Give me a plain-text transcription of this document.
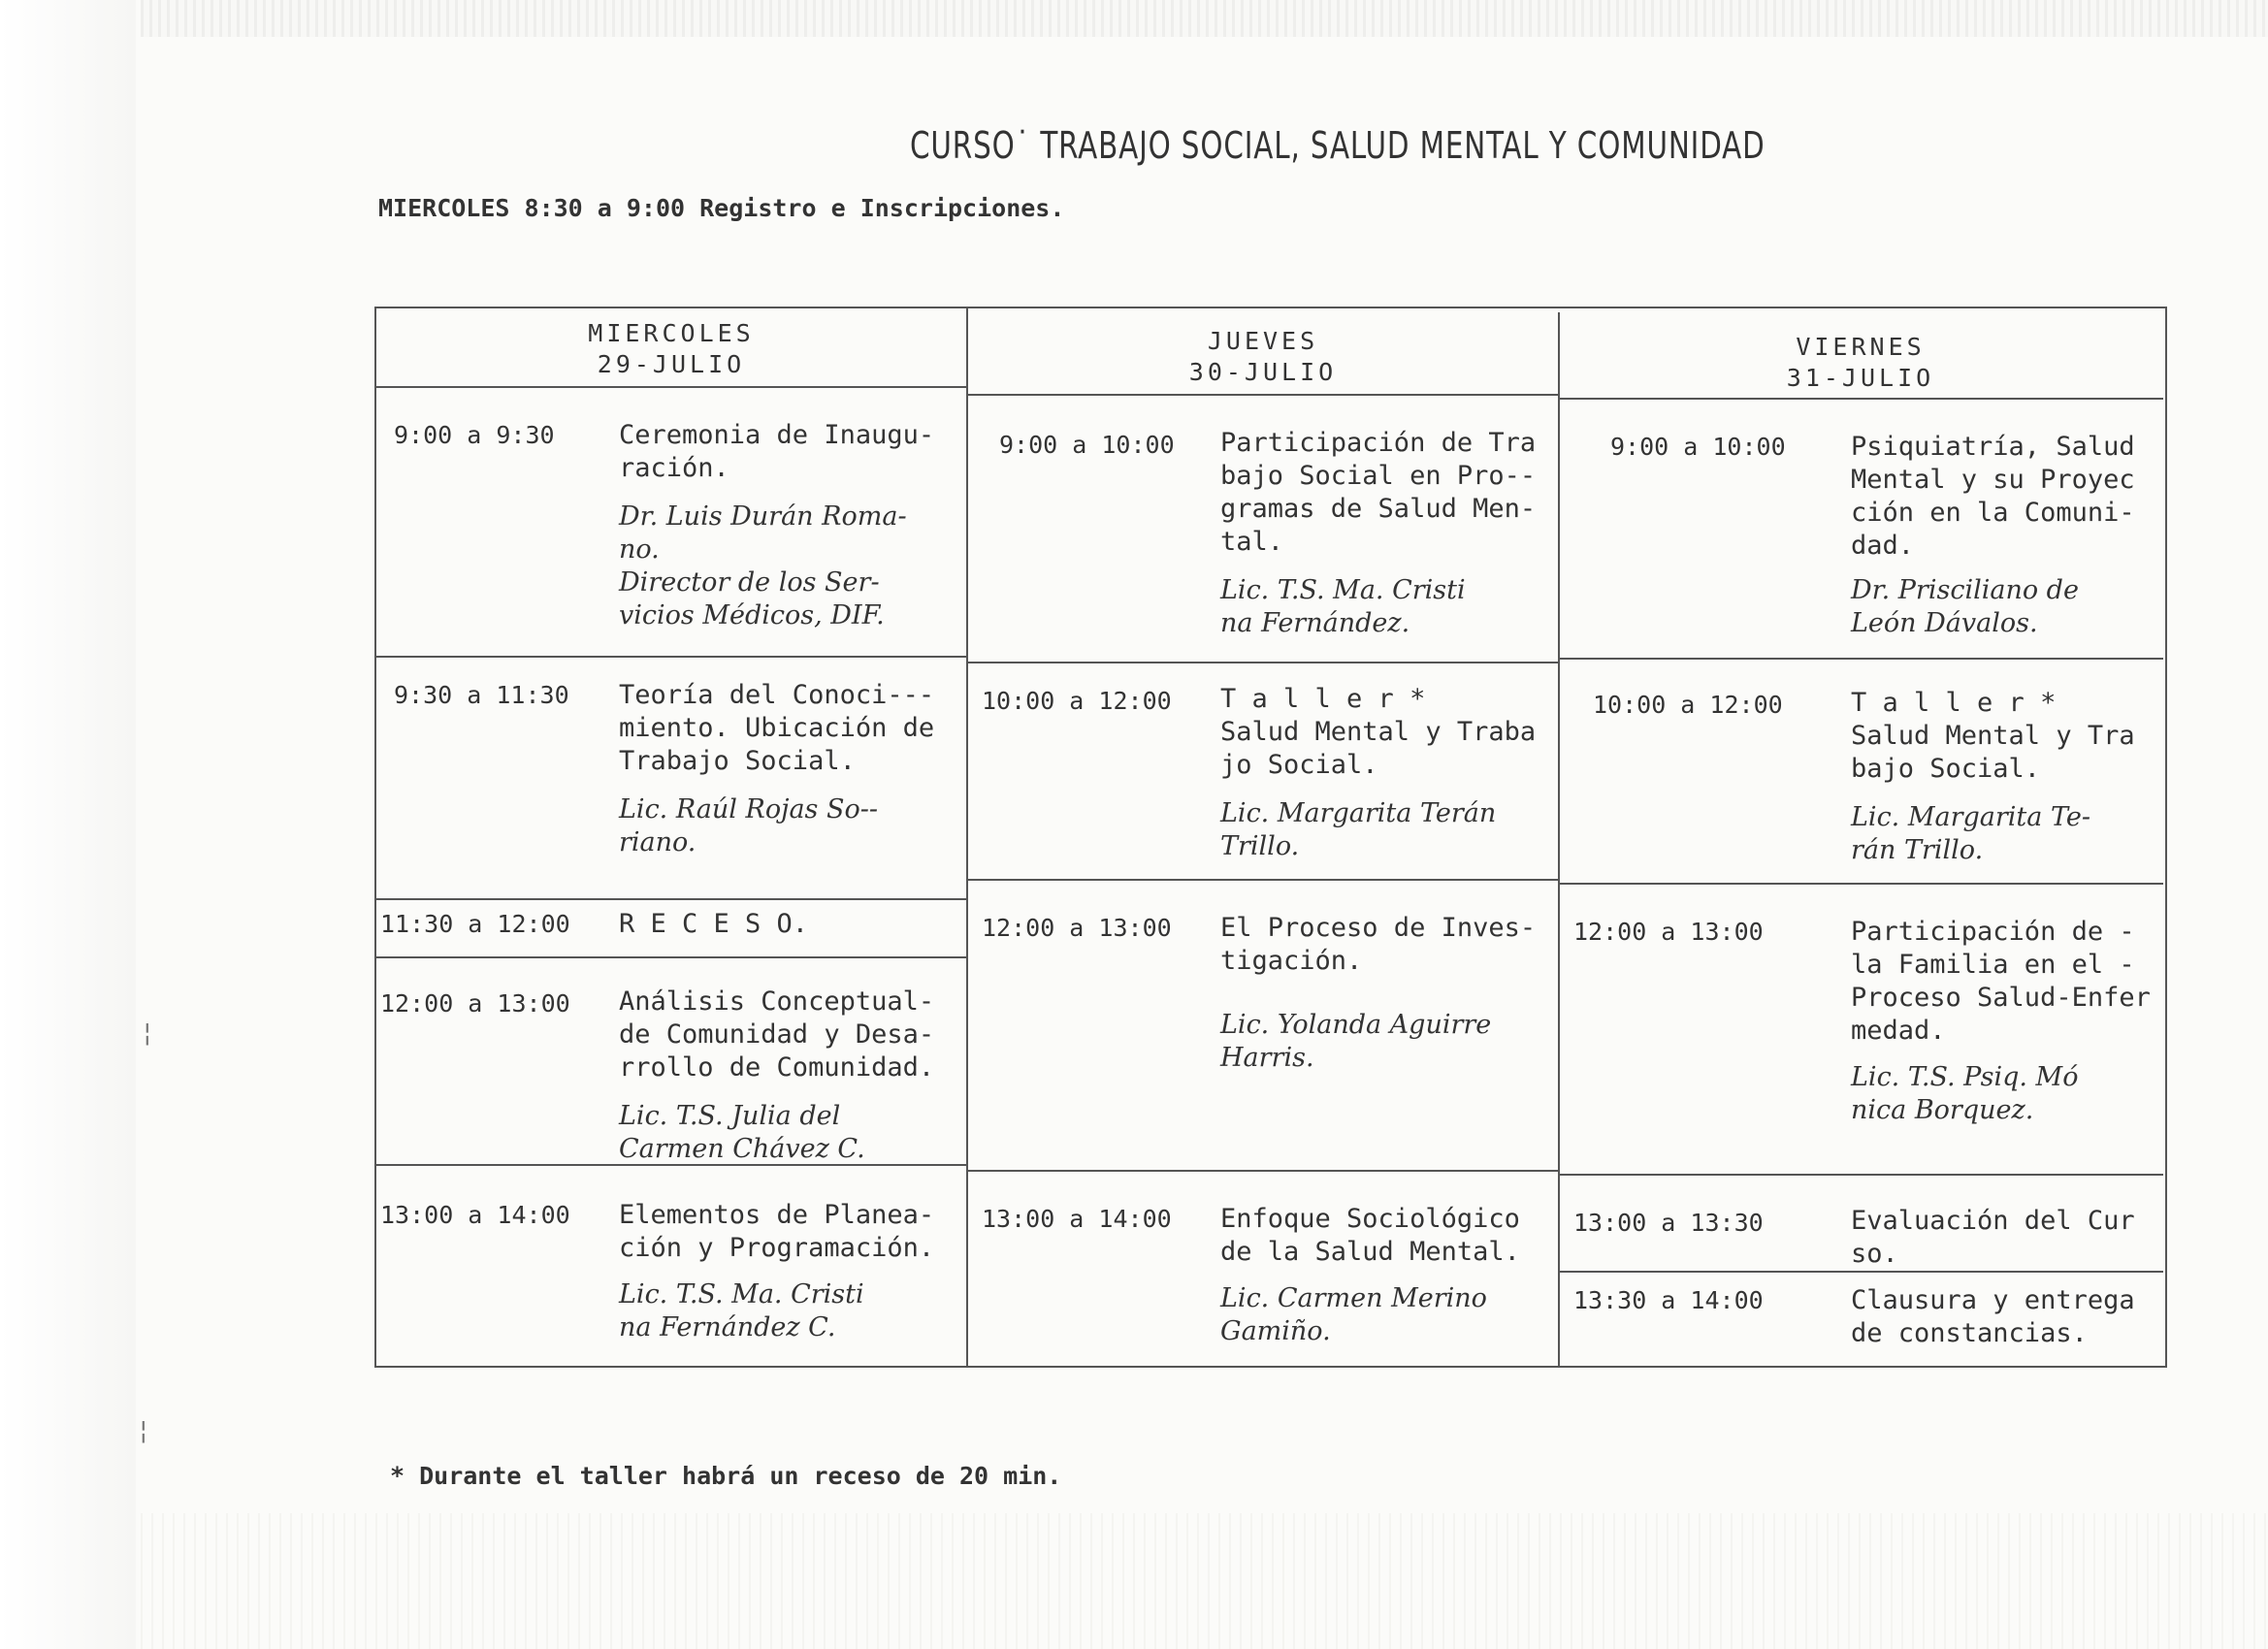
CURSO˙ TRABAJO SOCIAL, SALUD MENTAL Y COMUNIDAD
MIERCOLES 8:30 a 9:00 Registro e Inscripciones.
MIERCOLES
29-JULIO
JUEVES
30-JULIO
VIERNES
31-JULIO
9:00 a 9:30 Ceremonia de Inaugu-
ración.
Dr. Luis Durán Roma-
no.
Director de los Ser-
vicios Médicos, DIF.
9:30 a 11:30 Teoría del Conoci---
miento. Ubicación de
Trabajo Social.
Lic. Raúl Rojas So--
riano.
11:30 a 12:00 R E C E S O.
12:00 a 13:00 Análisis Conceptual-
de Comunidad y Desa-
rrollo de Comunidad.
Lic. T.S. Julia del
Carmen Chávez C.
13:00 a 14:00 Elementos de Planea-
ción y Programación.
Lic. T.S. Ma. Cristi
na Fernández C.
9:00 a 10:00 Participación de Tra
bajo Social en Pro--
gramas de Salud Men-
tal.
Lic. T.S. Ma. Cristi
na Fernández.
10:00 a 12:00 T a l l e r *
Salud Mental y Traba
jo Social.
Lic. Margarita Terán
Trillo.
12:00 a 13:00 El Proceso de Inves-
tigación.
Lic. Yolanda Aguirre
Harris.
13:00 a 14:00 Enfoque Sociológico
de la Salud Mental.
Lic. Carmen Merino
Gamiño.
9:00 a 10:00 Psiquiatría, Salud
Mental y su Proyec
ción en la Comuni-
dad.
Dr. Prisciliano de
León Dávalos.
10:00 a 12:00	T a l l e r *
Salud Mental y Tra
bajo Social.
Lic. Margarita Te-
rán Trillo.
12:00 a 13:00	Participación de -
la Familia en el -
Proceso Salud-Enfer
medad.
Lic. T.S. Psiq. Mó
nica Borquez.
13:00 a 13:30	Evaluación del Cur
so.
13:30 a 14:00	Clausura y entrega
de constancias.
* Durante el taller habrá un receso de 20 min.
¦
¦
